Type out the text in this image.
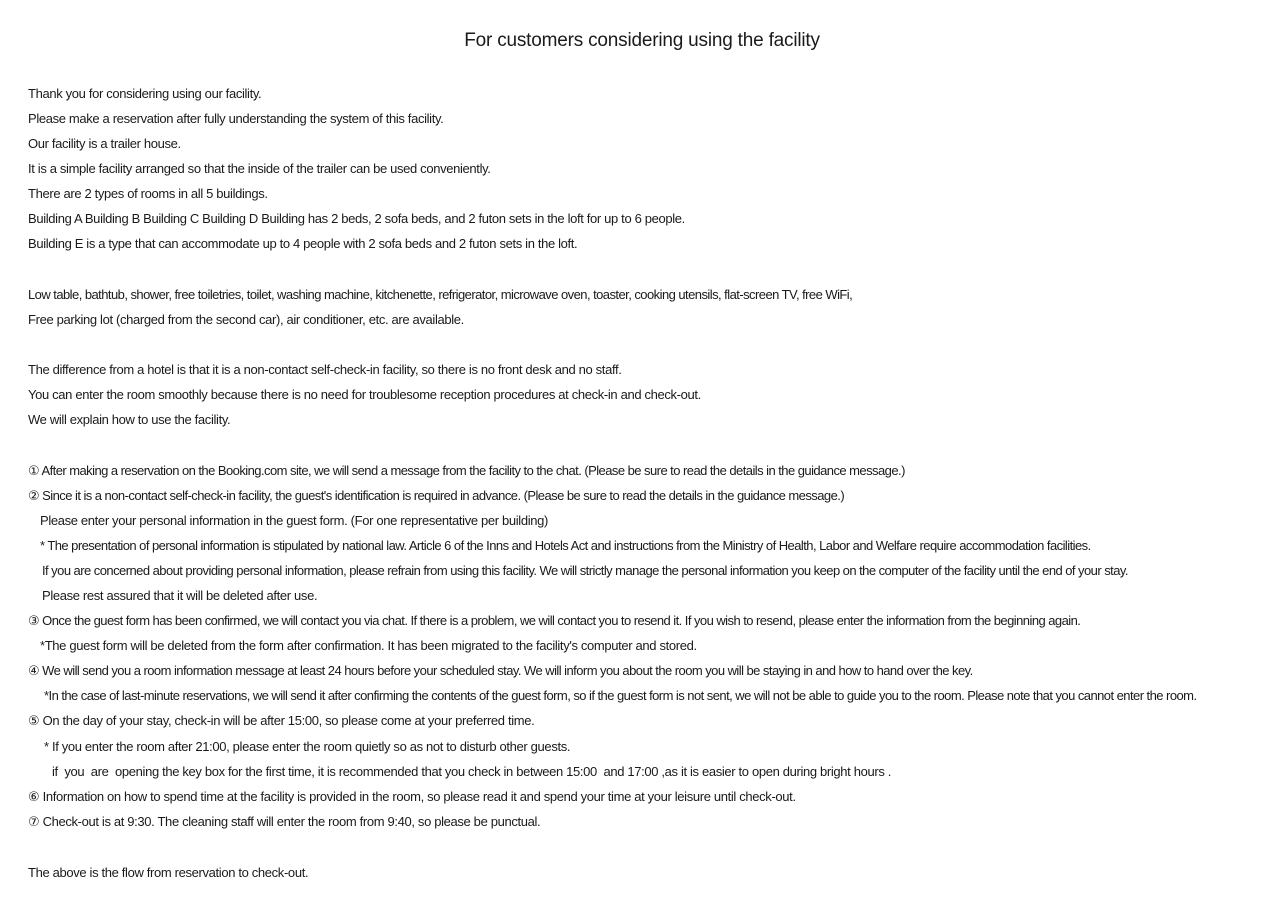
For customers considering using the facility
Thank you for considering using our facility.
Please make a reservation after fully understanding the system of this facility.
Our facility is a trailer house.
It is a simple facility arranged so that the inside of the trailer can be used conveniently.
There are 2 types of rooms in all 5 buildings.
Building A Building B Building C Building D Building has 2 beds, 2 sofa beds, and 2 futon sets in the loft for up to 6 people.
Building E is a type that can accommodate up to 4 people with 2 sofa beds and 2 futon sets in the loft.
Low table, bathtub, shower, free toiletries, toilet, washing machine, kitchenette, refrigerator, microwave oven, toaster, cooking utensils, flat-screen TV, free WiFi,
Free parking lot (charged from the second car), air conditioner, etc. are available.
The difference from a hotel is that it is a non-contact self-check-in facility, so there is no front desk and no staff.
You can enter the room smoothly because there is no need for troublesome reception procedures at check-in and check-out.
We will explain how to use the facility.
① After making a reservation on the Booking.com site, we will send a message from the facility to the chat. (Please be sure to read the details in the guidance message.)
② Since it is a non-contact self-check-in facility, the guest's identification is required in advance. (Please be sure to read the details in the guidance message.)
Please enter your personal information in the guest form. (For one representative per building)
* The presentation of personal information is stipulated by national law. Article 6 of the Inns and Hotels Act and instructions from the Ministry of Health, Labor and Welfare require accommodation facilities.
If you are concerned about providing personal information, please refrain from using this facility. We will strictly manage the personal information you keep on the computer of the facility until the end of your stay.
Please rest assured that it will be deleted after use.
③ Once the guest form has been confirmed, we will contact you via chat. If there is a problem, we will contact you to resend it. If you wish to resend, please enter the information from the beginning again.
*The guest form will be deleted from the form after confirmation. It has been migrated to the facility's computer and stored.
④ We will send you a room information message at least 24 hours before your scheduled stay. We will inform you about the room you will be staying in and how to hand over the key.
*In the case of last-minute reservations, we will send it after confirming the contents of the guest form, so if the guest form is not sent, we will not be able to guide you to the room. Please note that you cannot enter the room.
⑤ On the day of your stay, check-in will be after 15:00, so please come at your preferred time.
* If you enter the room after 21:00, please enter the room quietly so as not to disturb other guests.
if  you  are  opening the key box for the first time, it is recommended that you check in between 15:00  and 17:00 ,as it is easier to open during bright hours .
⑥ Information on how to spend time at the facility is provided in the room, so please read it and spend your time at your leisure until check-out.
⑦ Check-out is at 9:30. The cleaning staff will enter the room from 9:40, so please be punctual.
The above is the flow from reservation to check-out.
